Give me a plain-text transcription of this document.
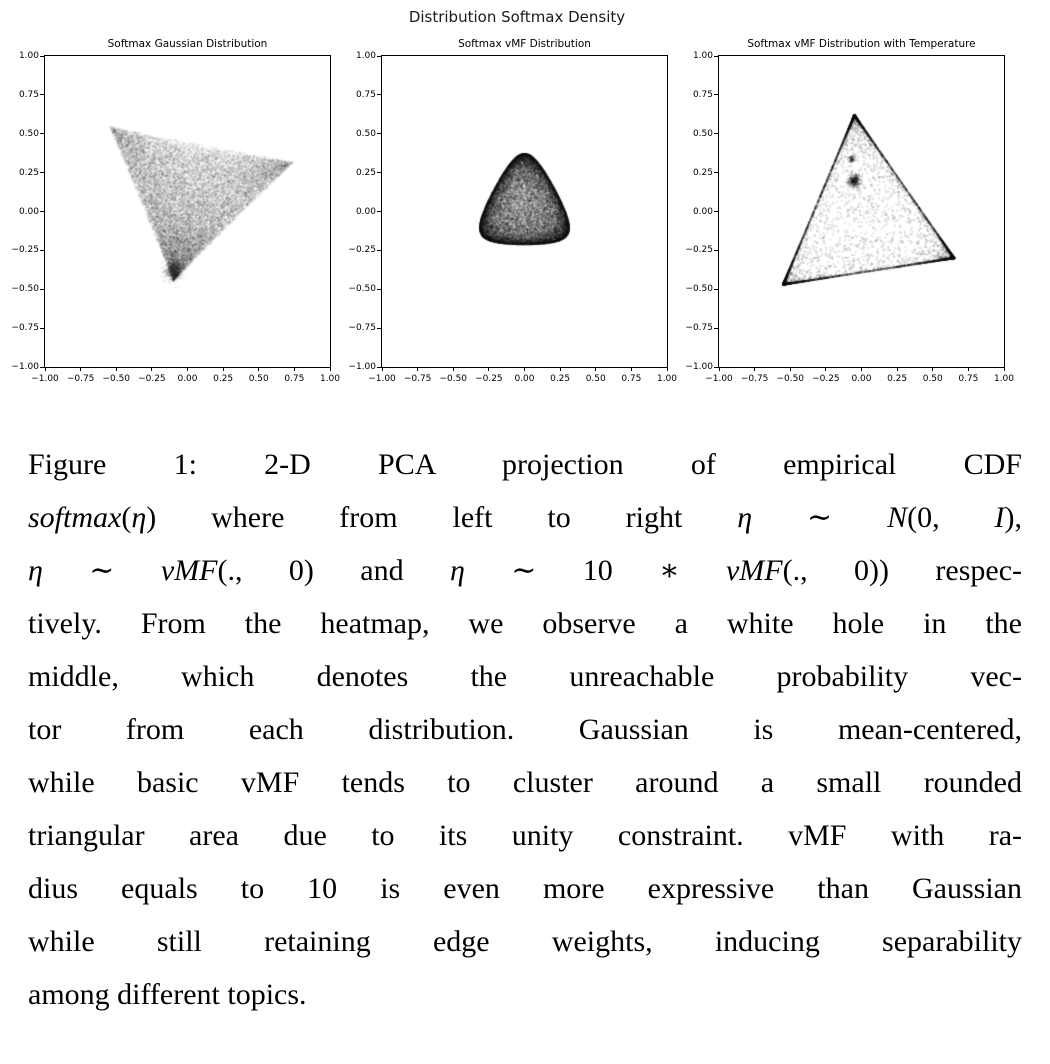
Distribution Softmax Density
Softmax Gaussian Distribution
−1.00
−0.75
−0.50
−0.25
0.00
0.25
0.50
0.75
1.00
−1.00 −0.75 −0.50 −0.25	0.00	0.25	0.50	0.75	1.00
Softmax vMF Distribution
−1.00
−0.75
−0.50
−0.25
0.00
0.25
0.50
0.75
1.00
−1.00 −0.75 −0.50 −0.25	0.00	0.25	0.50	0.75	1.00
Softmax vMF Distribution with Temperature
−1.00
−0.75
−0.50
−0.25
0.00
0.25
0.50
0.75
1.00
−1.00 −0.75 −0.50 −0.25	0.00	0.25	0.50	0.75	1.00
Figure 1: 2-D PCA projection of empirical CDF
softmax(η) where from left to right η ∼ N(0, I),
η ∼ vMF(., 0) and η ∼ 10 ∗ vMF(., 0)) respec-
tively. From the heatmap, we observe a white hole in the
middle, which denotes the unreachable probability vec-
tor from each distribution. Gaussian is mean-centered,
while basic vMF tends to cluster around a small rounded
triangular area due to its unity constraint. vMF with ra-
dius equals to 10 is even more expressive than Gaussian
while still retaining edge weights, inducing separability
among different topics.
